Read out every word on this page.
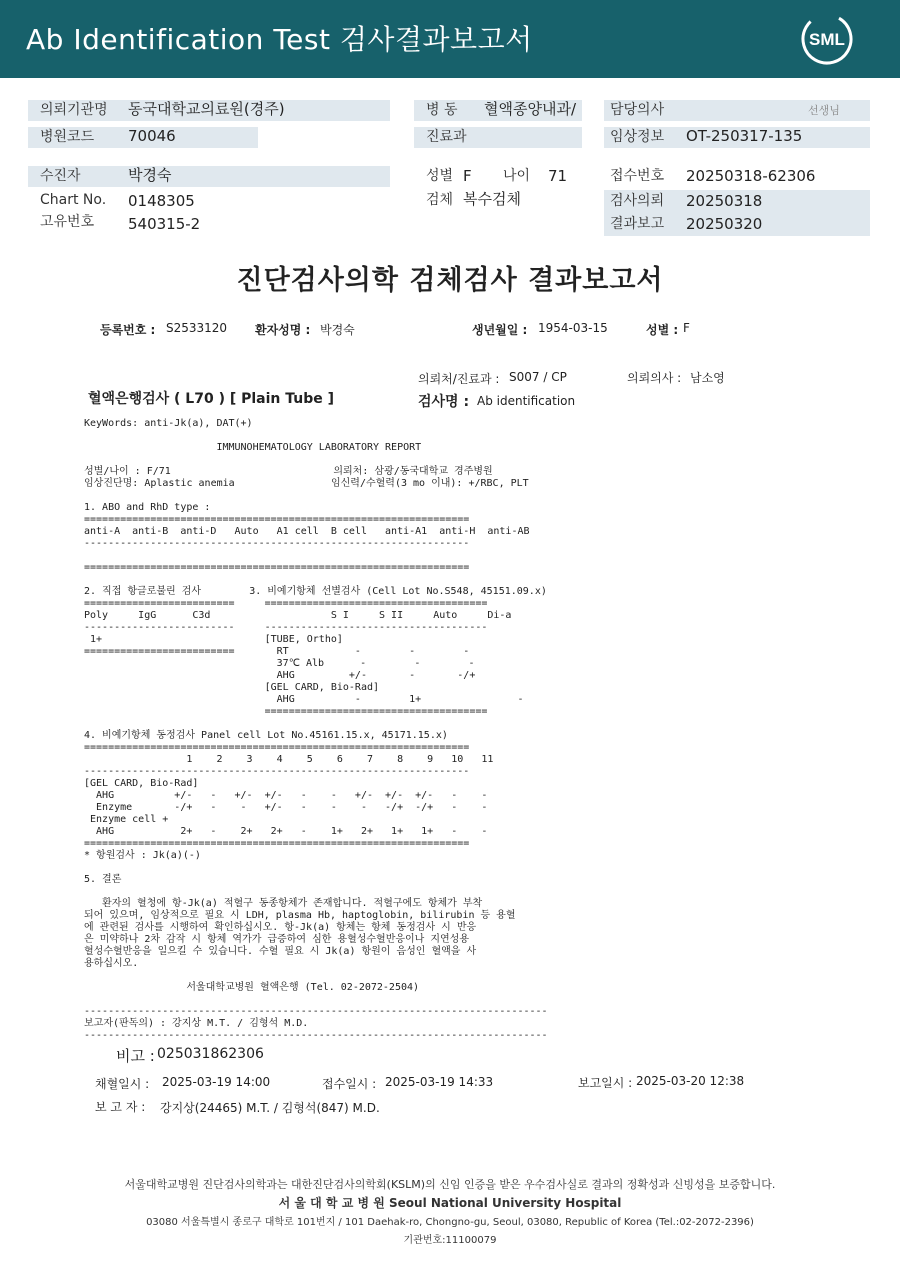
Ab Identification Test 검사결과보고서	SML
의뢰기관명 동국대학교의료원(경주)	병 동 혈액종양내과/ 담당의사	선생님
병원코드 70046	진료과	임상정보 OT-250317-135
수진자	박경숙	성별 F 나이 71	접수번호 20250318-62306
Chart No. 0148305	검체 복수검체	검사의뢰 20250318
고유번호 540315-2	결과보고 20250320
진단검사의학 검체검사 결과보고서
등록번호 : S2533120 환자성명 : 박경숙	생년월일 : 1954-03-15	성별 : F
의뢰처/진료과 : S007 / CP	의뢰의사 : 남소영
혈액은행검사 ( L70 ) [ Plain Tube ]	검사명 : Ab identification
KeyWords: anti-Jk(a), DAT(+)

IMMUNOHEMATOLOGY LABORATORY REPORT

성별/나이 : F/71                           의뢰처: 삼광/동국대학교 경주병원
임상진단명: Aplastic anemia                임신력/수혈력(3 mo 이내): +/RBC, PLT

1. ABO and RhD type :
================================================================
anti-A  anti-B  anti-D   Auto   A1 cell  B cell   anti-A1  anti-H  anti-AB
----------------------------------------------------------------

================================================================

2. 직접 항글로불린 검사        3. 비예기항체 선별검사 (Cell Lot No.S548, 45151.09.x)
=========================     =====================================
Poly     IgG      C3d                    S I     S II     Auto     Di-a
-------------------------     -------------------------------------
1+                           [TUBE, Ortho]
=========================       RT           -        -        -
37℃ Alb      -        -        -
AHG         +/-       -       -/+
[GEL CARD, Bio-Rad]
AHG          -        1+                -
=====================================

4. 비예기항체 동정검사 Panel cell Lot No.45161.15.x, 45171.15.x)
================================================================
1    2    3    4    5    6    7    8    9   10   11
----------------------------------------------------------------
[GEL CARD, Bio-Rad]
AHG          +/-   -   +/-  +/-   -    -   +/-  +/-  +/-   -    -
Enzyme       -/+   -    -   +/-   -    -    -   -/+  -/+   -    -
Enzyme cell +
AHG           2+   -    2+   2+   -    1+   2+   1+   1+   -    -
================================================================
* 항원검사 : Jk(a)(-)

5. 결론

환자의 혈청에 항-Jk(a) 적혈구 동종항체가 존재합니다. 적혈구에도 항체가 부착
되어 있으며, 임상적으로 필요 시 LDH, plasma Hb, haptoglobin, bilirubin 등 용혈
에 관련된 검사를 시행하여 확인하십시오. 항-Jk(a) 항체는 항체 동정검사 시 반응
은 미약하나 2차 감작 시 항체 역가가 급증하여 심한 용혈성수혈반응이나 지연성용
혈성수혈반응을 일으킬 수 있습니다. 수혈 필요 시 Jk(a) 항원이 음성인 혈액을 사
용하십시오.

서울대학교병원 혈액은행 (Tel. 02-2072-2504)

-----------------------------------------------------------------------------
보고자(판독의) : 강지상 M.T. / 김형석 M.D.
-----------------------------------------------------------------------------
비고 : 025031862306
채혈일시 : 2025-03-19 14:00	접수일시 : 2025-03-19 14:33	보고일시 : 2025-03-20 12:38
보 고 자 : 강지상(24465) M.T. / 김형석(847) M.D.
서울대학교병원 진단검사의학과는 대한진단검사의학회(KSLM)의 신임 인증을 받은 우수검사실로 결과의 정확성과 신빙성을 보증합니다.
서 울 대 학 교 병 원 Seoul National University Hospital
03080 서울특별시 종로구 대학로 101번지 / 101 Daehak-ro, Chongno-gu, Seoul, 03080, Republic of Korea (Tel.:02-2072-2396)
기관번호:11100079
